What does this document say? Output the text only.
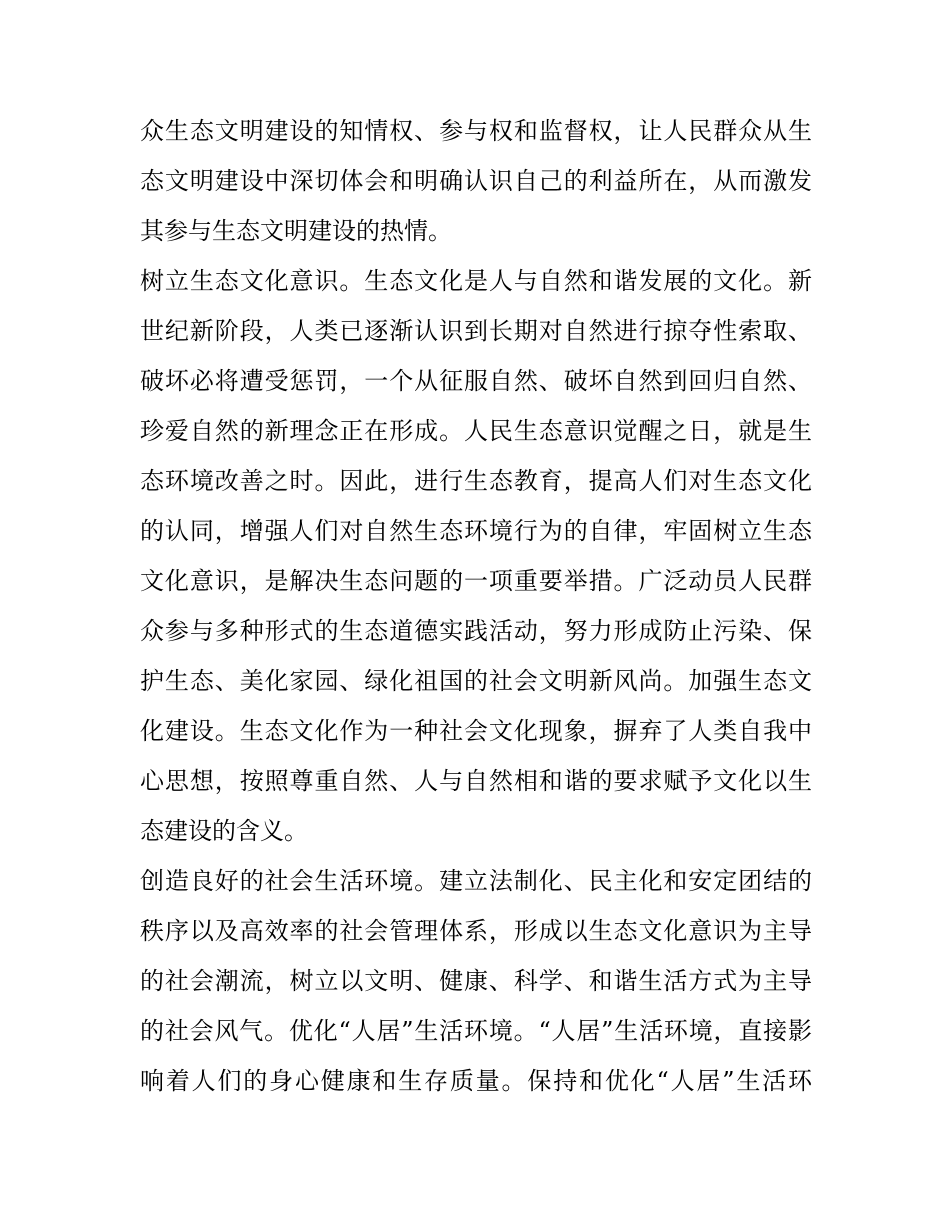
众生态文明建设的知情权、参与权和监督权，让人民群众从生
态文明建设中深切体会和明确认识自己的利益所在，从而激发
其参与生态文明建设的热情。
树立生态文化意识。生态文化是人与自然和谐发展的文化。新
世纪新阶段，人类已逐渐认识到长期对自然进行掠夺性索取、
破坏必将遭受惩罚，一个从征服自然、破坏自然到回归自然、
珍爱自然的新理念正在形成。人民生态意识觉醒之日，就是生
态环境改善之时。因此，进行生态教育，提高人们对生态文化
的认同，增强人们对自然生态环境行为的自律，牢固树立生态
文化意识，是解决生态问题的一项重要举措。广泛动员人民群
众参与多种形式的生态道德实践活动，努力形成防止污染、保
护生态、美化家园、绿化祖国的社会文明新风尚。加强生态文
化建设。生态文化作为一种社会文化现象，摒弃了人类自我中
心思想，按照尊重自然、人与自然相和谐的要求赋予文化以生
态建设的含义。
创造良好的社会生活环境。建立法制化、民主化和安定团结的
秩序以及高效率的社会管理体系，形成以生态文化意识为主导
的社会潮流，树立以文明、健康、科学、和谐生活方式为主导
的社会风气。优化“人居”生活环境。“人居”生活环境，直接影
响着人们的身心健康和生存质量。保持和优化“人居”生活环
